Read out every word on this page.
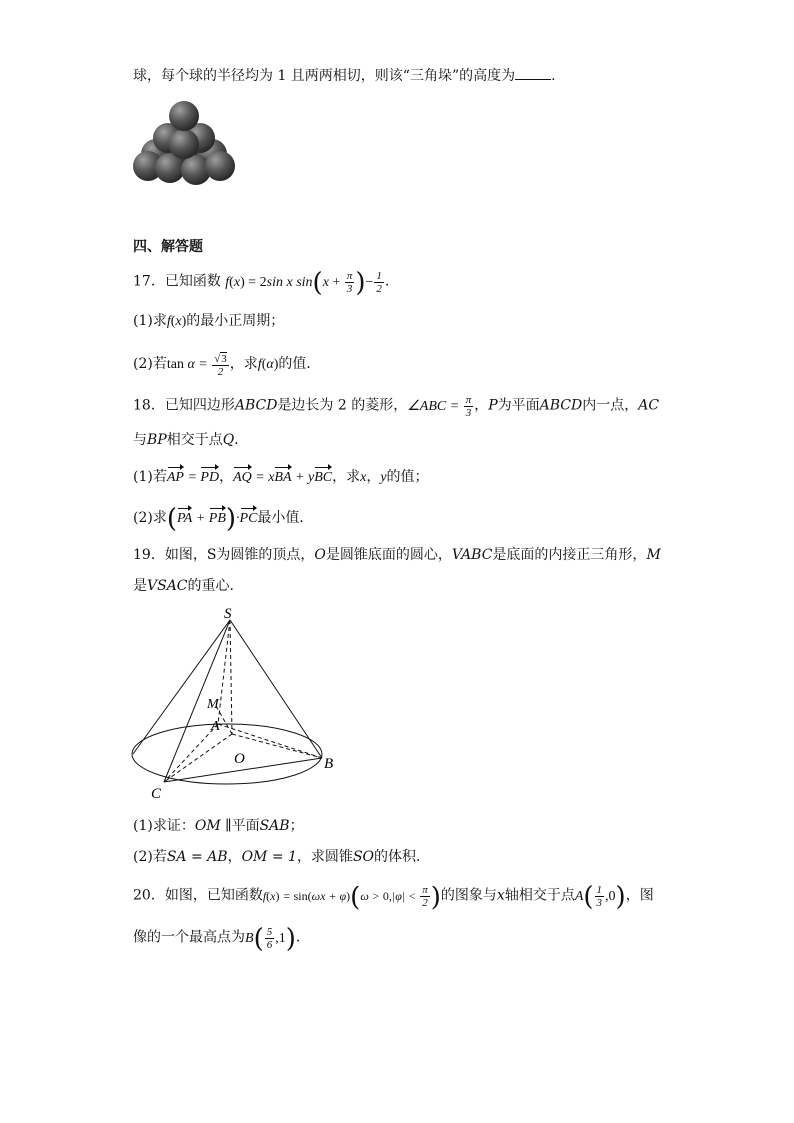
球，每个球的半径均为 1 且两两相切，则该“三角垛”的高度为	.
四、解答题
17．已知函数 f(x) = 2sin x $\sin(x + \frac{\pi}{3}$ )− $\frac{1}{2}$ .
(1)求f(x)的最小正周期；
(2)若$\tan \alpha = \frac{√3}{2}$ ，求f(α)的值．
18．已知四边形ABCD是边长为 2 的菱形，∠ABC = $\frac{\pi}{3}$ ，P为平面ABCD内一点，AC
与BP相交于点Q．
(1)若AP = PD，AQ = xBA + yBC，求x，y的值；
(2)求(PA + PB)·PC最小值．
19．如图，S为圆锥的顶点，O是圆锥底面的圆心，VABC是底面的内接正三角形，M
是VSAC的重心．
S
M
A
O	B
C
(1)求证：OM ∥平面SAB；
(2)若SA = AB，OM = 1，求圆锥SO的体积．
20．如图，已知函数$f(x) = \sin(\omega x + \varphi)(\omega > 0,|\varphi| < \frac{\pi}{2}$ )的图象与x轴相交于点$A( \frac{1}{3} ,0)$，图
像的一个最高点为$B( \frac{5}{6} ,1)$．
